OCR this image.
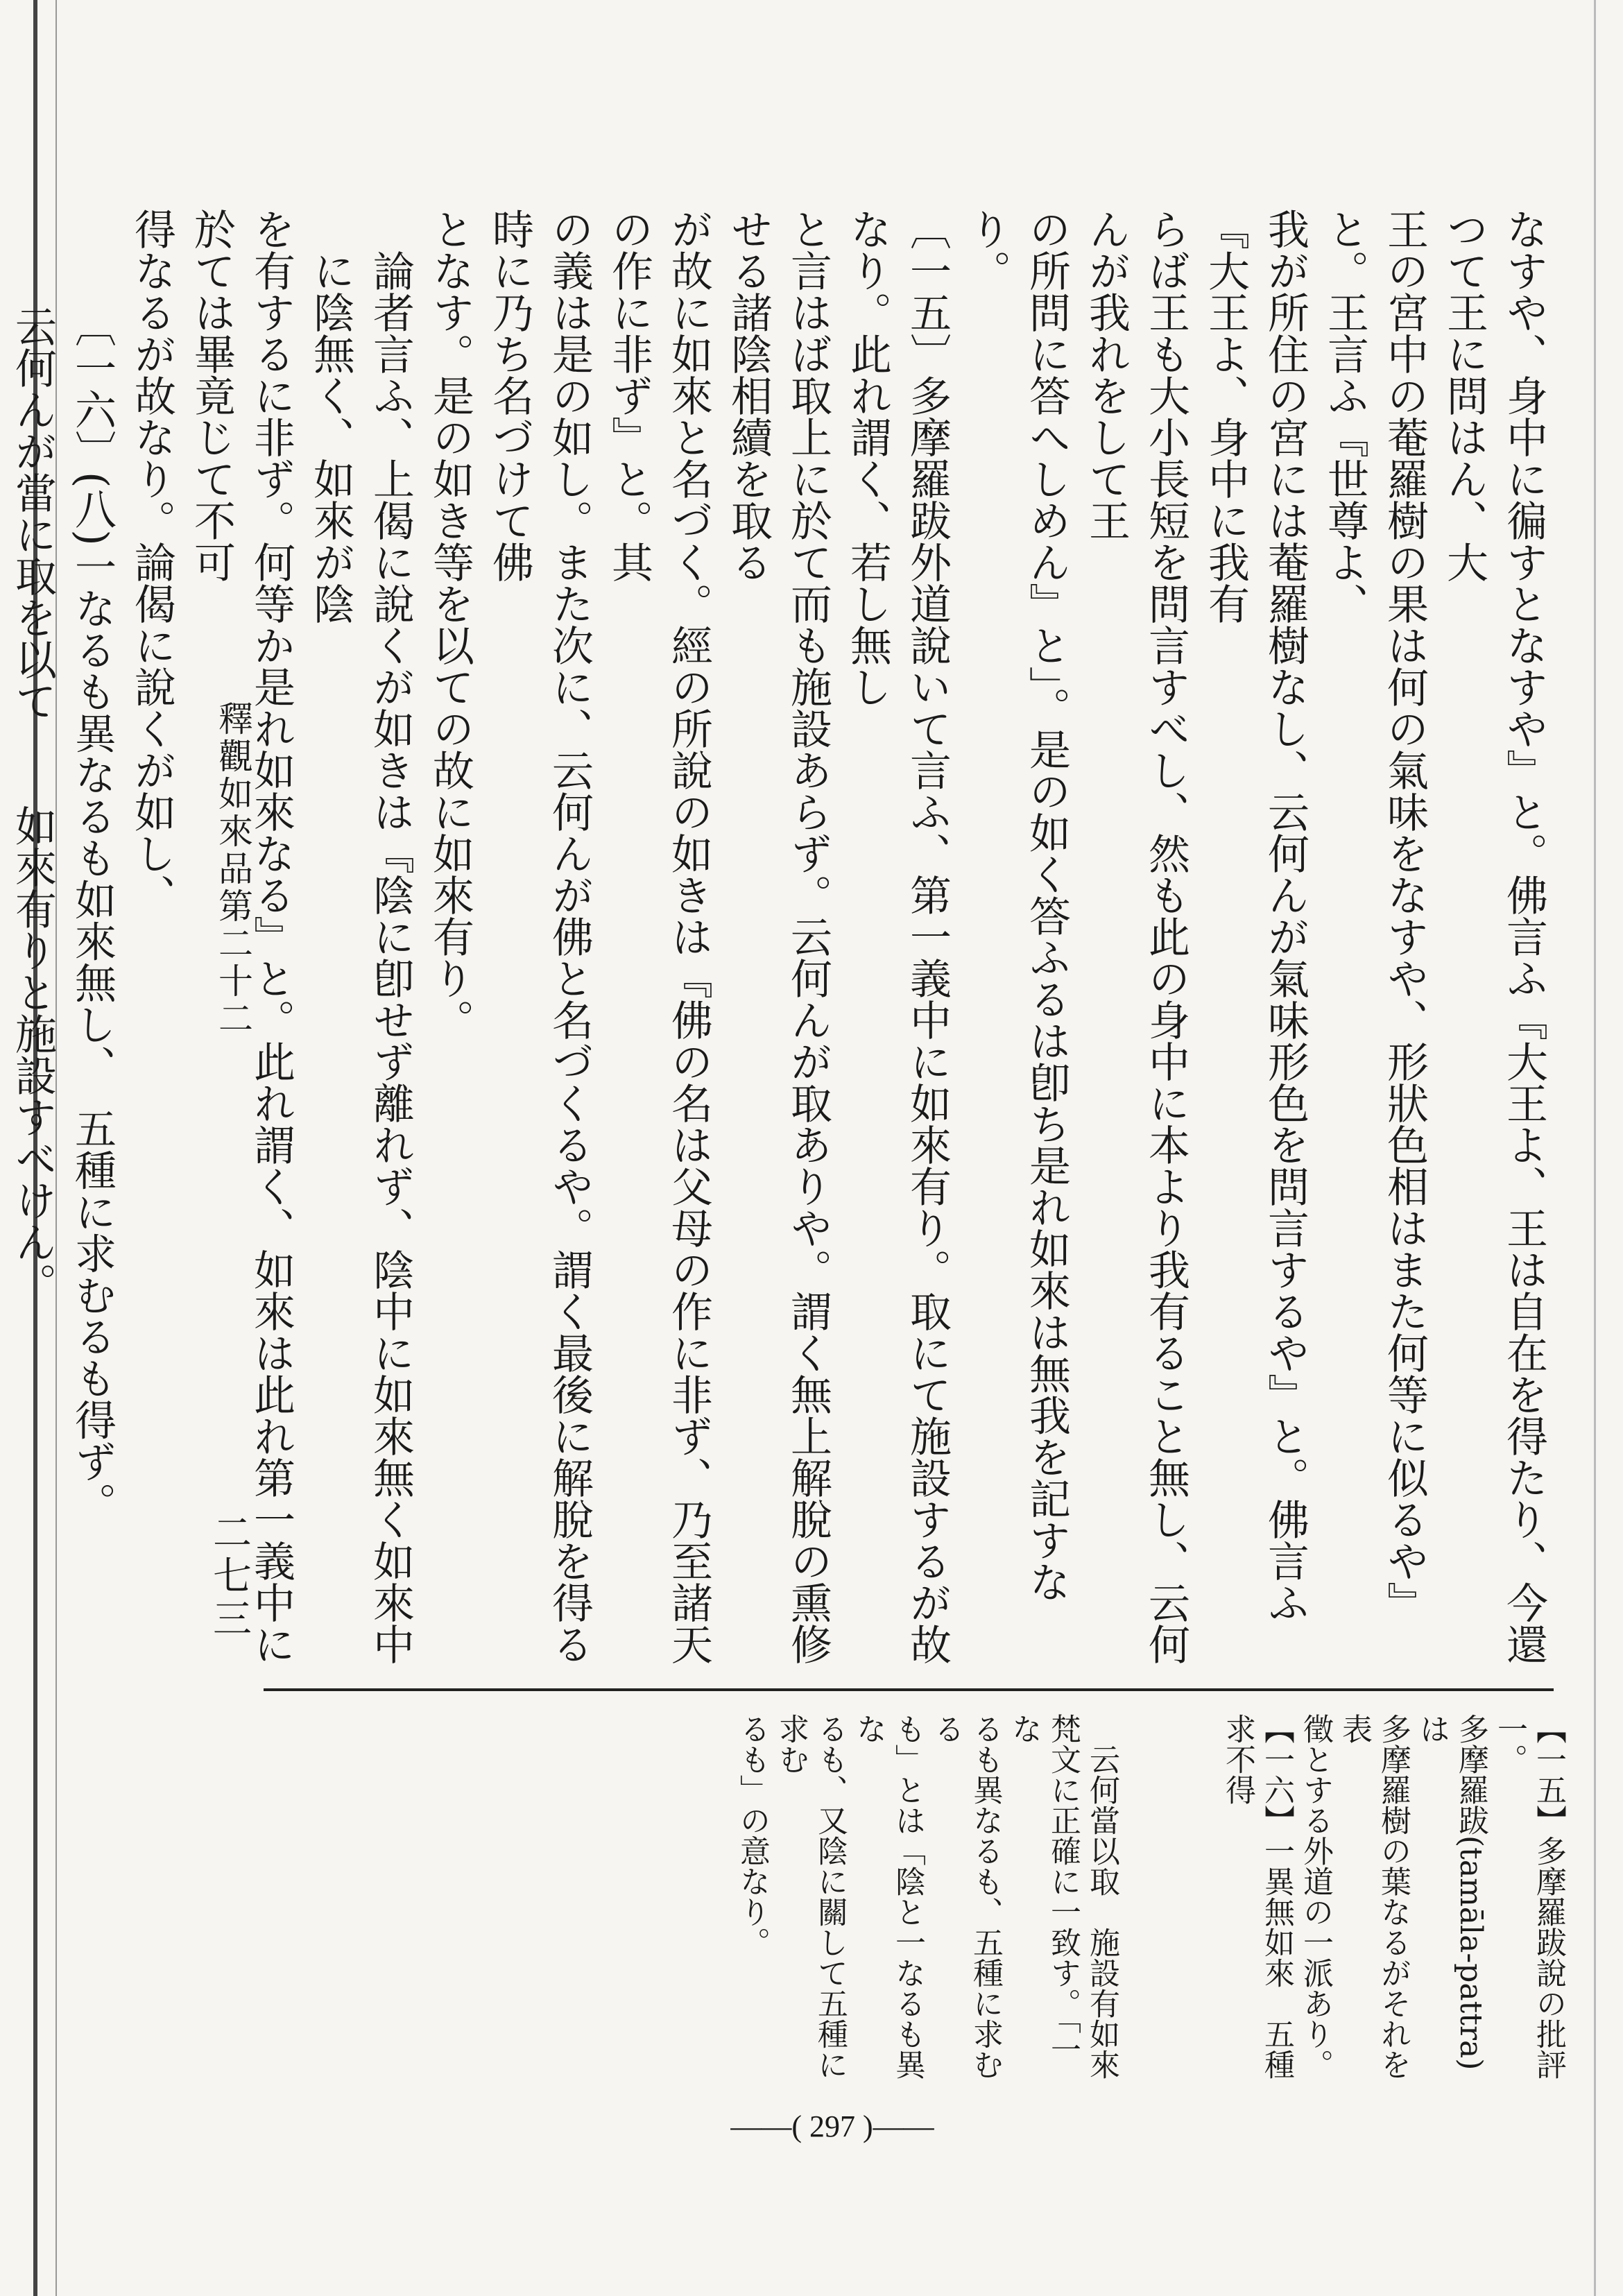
なすや、身中に徧すとなすや』と。佛言ふ『大王よ、王は自在を得たり、今還つて王に問はん、大

王の宮中の菴羅樹の果は何の氣味をなすや、形狀色相はまた何等に似るや』と。王言ふ『世尊よ、

我が所住の宮には菴羅樹なし、云何んが氣味形色を問言するや』と。佛言ふ『大王よ、身中に我有

らば王も大小長短を問言すべし、然も此の身中に本より我有ること無し、云何んが我れをして王

の所問に答へしめん』と」。是の如く答ふるは卽ち是れ如來は無我を記すなり。

〔一五〕多摩羅跋外道說いて言ふ、第一義中に如來有り。取にて施設するが故なり。此れ謂く、若し無し

と言はば取上に於て而も施設あらず。云何んが取ありや。謂く無上解脫の熏修せる諸陰相續を取る

が故に如來と名づく。經の所說の如きは『佛の名は父母の作に非ず、乃至諸天の作に非ず』と。其

の義は是の如し。また次に、云何んが佛と名づくるや。謂く最後に解脫を得る時に乃ち名づけて佛

となす。是の如き等を以ての故に如來有り。

論者言ふ、上偈に說くが如きは『陰に卽せず離れず、陰中に如來無く如來中に陰無く、如來が陰

を有するに非ず。何等か是れ如來なる』と。此れ謂く、如來は此れ第一義中に於ては畢竟じて不可

得なるが故なり。論偈に說くが如し、

〔一六〕(八)一なるも異なるも如來無し、　五種に求むるも得ず。

云何んが當に取を以て　　如來有りと施設すべけん。	釋觀如來品第二十二
二七三

【一五】多摩羅跋說の批評一。

多摩羅跋(tamāla-pattra)は

多摩羅樹の葉なるがそれを表

徵とする外道の一派あり。

【一六】一異無如來　五種求不得

云何當以取　施設有如來

梵文に正確に一致す。「一な

るも異なるも、五種に求むる

も」とは「陰と一なるも異な

るも、又陰に關して五種に求む

るも」の意なり。

——( 297 )——
